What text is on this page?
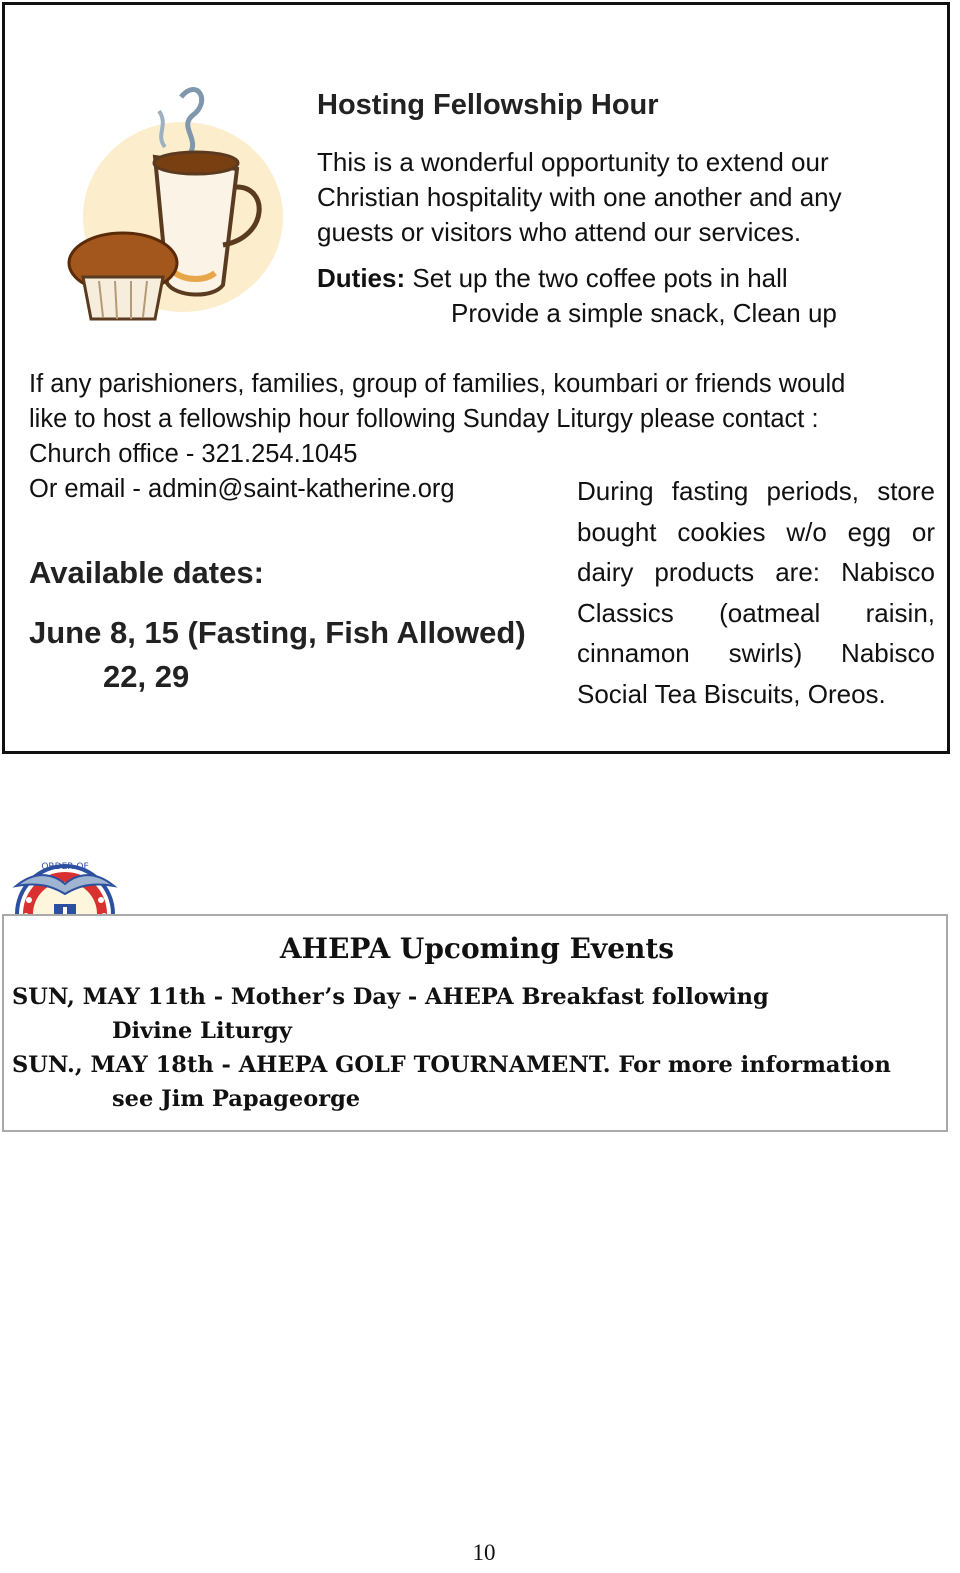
Hosting Fellowship Hour

This is a wonderful opportunity to extend our Christian hospitality with one another and any guests or visitors who attend our services.

Duties: Set up the two coffee pots in hall
Provide a simple snack, Clean up

If any parishioners, families, group of families, koumbari or friends would
like to host a fellowship hour following Sunday Liturgy please contact :
Church office - 321.254.1045
Or email - admin@saint-katherine.org

Available dates:
June 8, 15 (Fasting, Fish Allowed)
22, 29

During fasting periods, store bought cookies w/o egg or dairy products are: Nabisco Classics (oatmeal raisin, cinnamon swirls) Nabisco Social Tea Biscuits, Oreos.

ORDER OF
AHEPA Upcoming Events
SUN, MAY 11th - Mother’s Day - AHEPA Breakfast following
Divine Liturgy
SUN., MAY 18th - AHEPA GOLF TOURNAMENT. For more information
see Jim Papageorge
10
